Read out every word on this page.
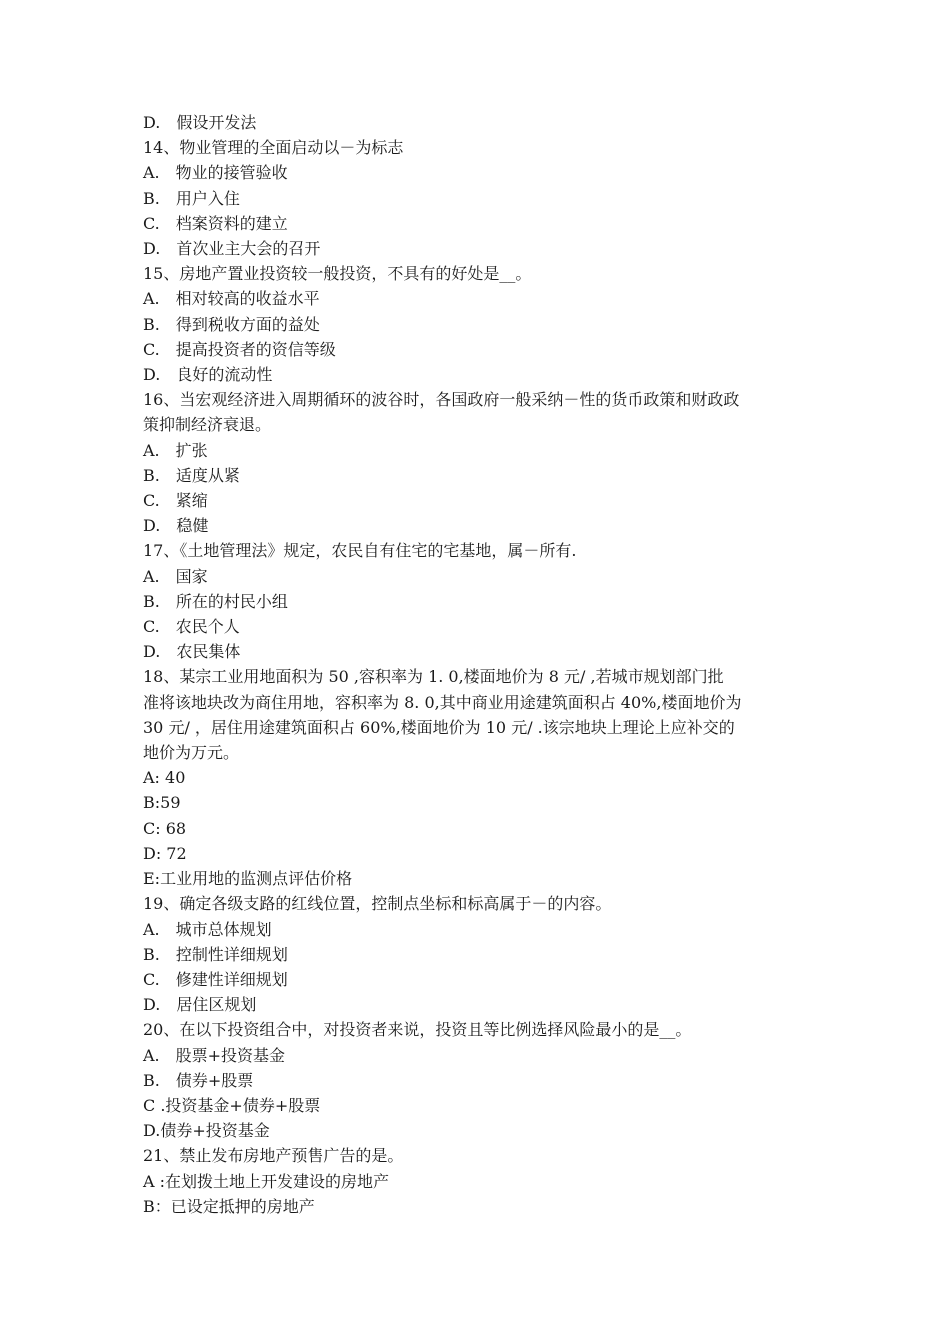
D.　假设开发法
14、物业管理的全面启动以－为标志
A.　物业的接管验收
B.　用户入住
C.　档案资料的建立
D.　首次业主大会的召开
15、房地产置业投资较一般投资，不具有的好处是__。
A.　相对较高的收益水平
B.　得到税收方面的益处
C.　提高投资者的资信等级
D.　良好的流动性
16、当宏观经济进入周期循环的波谷时，各国政府一般采纳－性的货币政策和财政政
策抑制经济衰退。
A.　扩张
B.　适度从紧
C.　紧缩
D.　稳健
17、《土地管理法》规定，农民自有住宅的宅基地，属－所有.
A.　国家
B.　所在的村民小组
C.　农民个人
D.　农民集体
18、某宗工业用地面积为 50 ,容积率为 1. 0,楼面地价为 8 元/ ,若城市规划部门批
准将该地块改为商住用地，容积率为 8. 0,其中商业用途建筑面积占 40%,楼面地价为
30 元/ ，居住用途建筑面积占 60%,楼面地价为 10 元/ .该宗地块上理论上应补交的
地价为万元。
A: 40
B:59
C: 68
D: 72
E:工业用地的监测点评估价格
19、确定各级支路的红线位置，控制点坐标和标高属于－的内容。
A.　城市总体规划
B.　控制性详细规划
C.　修建性详细规划
D.　居住区规划
20、在以下投资组合中，对投资者来说，投资且等比例选择风险最小的是__。
A.　股票+投资基金
B.　债券+股票
C .投资基金+债券+股票
D.债券+投资基金
21、禁止发布房地产预售广告的是。
A :在划拨土地上开发建设的房地产
B：已设定抵押的房地产
